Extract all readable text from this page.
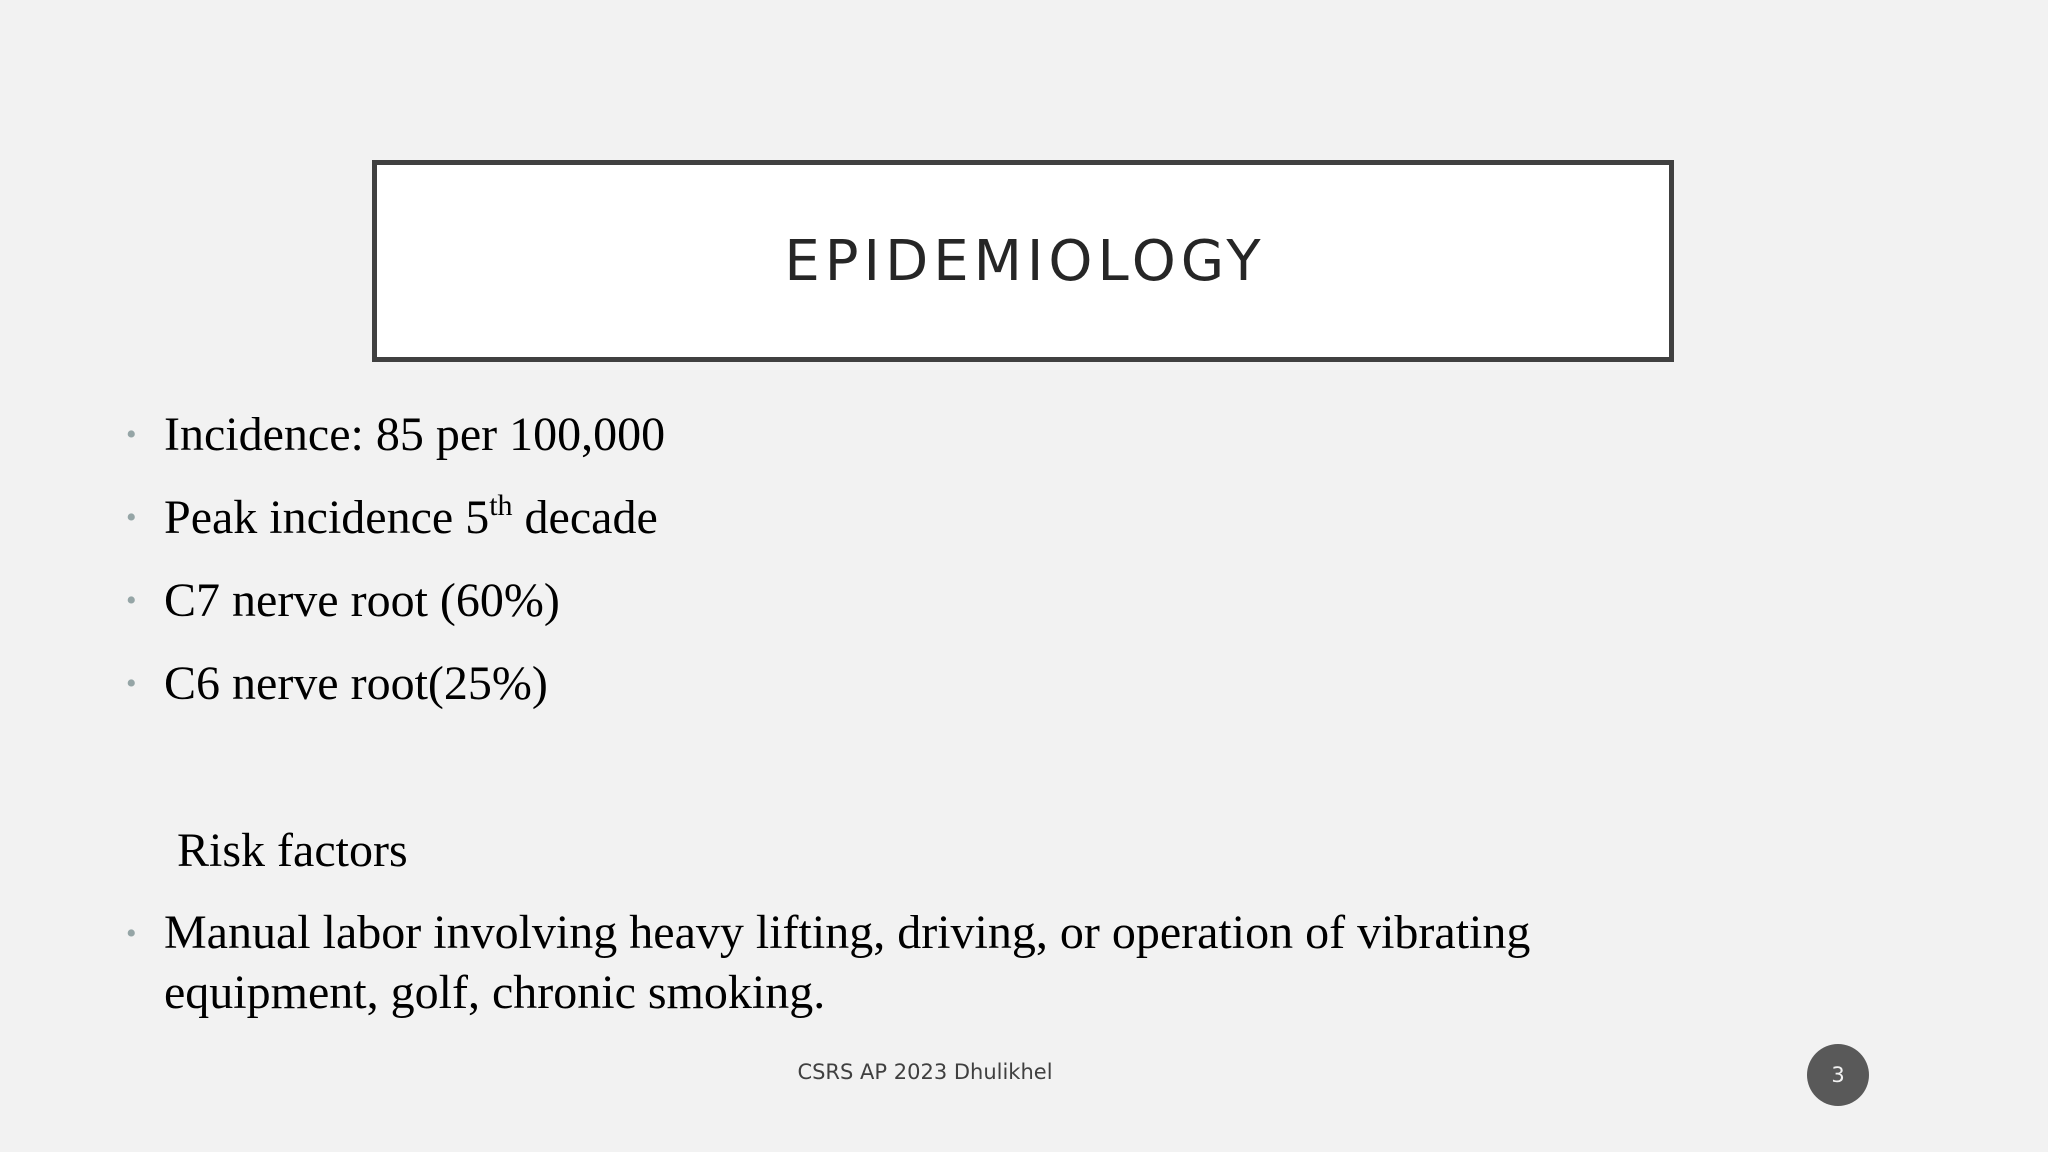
EPIDEMIOLOGY
• Incidence: 85 per 100,000
• Peak incidence 5th decade
• C7 nerve root (60%)
• C6 nerve root(25%)
Risk factors
• Manual labor involving heavy lifting, driving, or operation of vibrating equipment, golf, chronic smoking.
CSRS AP 2023 Dhulikhel	3
